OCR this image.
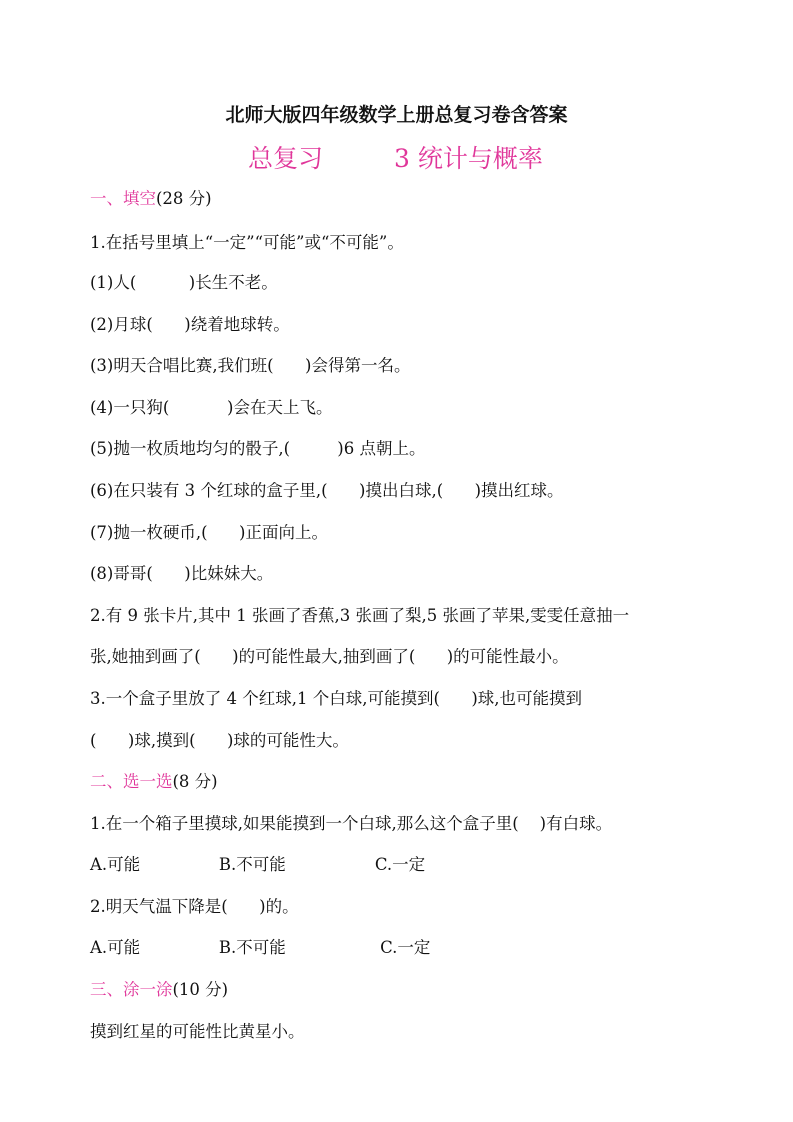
北师大版四年级数学上册总复习卷含答案
总复习	3 统计与概率
一、填空(28 分)
1.在括号里填上“一定”“可能”或“不可能”。
(1)人(          )长生不老。
(2)月球(      )绕着地球转。
(3)明天合唱比赛,我们班(      )会得第一名。
(4)一只狗(           )会在天上飞。
(5)抛一枚质地均匀的骰子,(         )6 点朝上。
(6)在只装有 3 个红球的盒子里,(      )摸出白球,(      )摸出红球。
(7)抛一枚硬币,(      )正面向上。
(8)哥哥(      )比妹妹大。
2.有 9 张卡片,其中 1 张画了香蕉,3 张画了梨,5 张画了苹果,雯雯任意抽一
张,她抽到画了(      )的可能性最大,抽到画了(      )的可能性最小。
3.一个盒子里放了 4 个红球,1 个白球,可能摸到(      )球,也可能摸到
(      )球,摸到(      )球的可能性大。
二、选一选(8 分)
1.在一个箱子里摸球,如果能摸到一个白球,那么这个盒子里(    )有白球。
A.可能               B.不可能                 C.一定
2.明天气温下降是(      )的。
A.可能               B.不可能                  C.一定
三、涂一涂(10 分)
摸到红星的可能性比黄星小。
